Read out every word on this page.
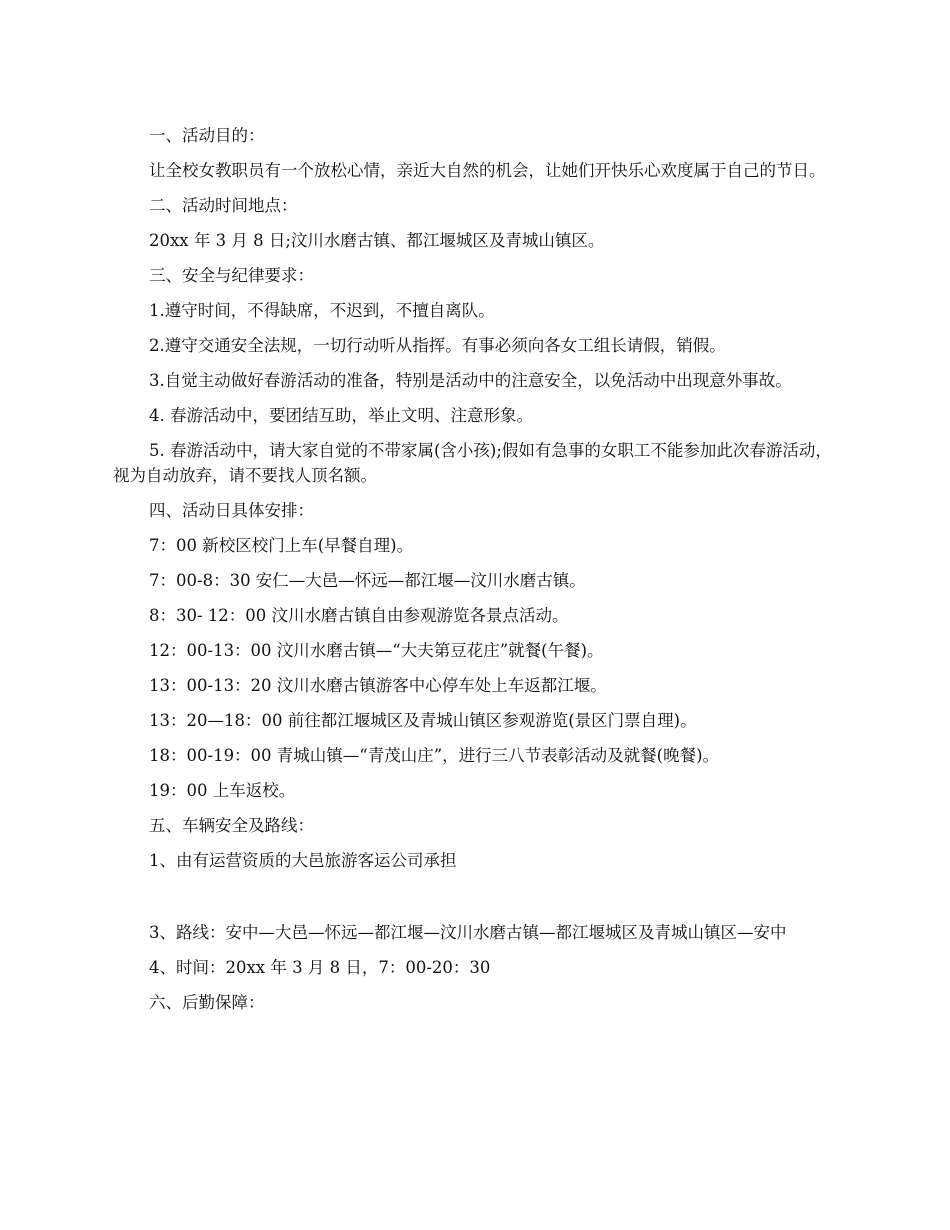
一、活动目的：

让全校女教职员有一个放松心情，亲近大自然的机会，让她们开快乐心欢度属于自己的节日。

二、活动时间地点：

20xx 年 3 月 8 日;汶川水磨古镇、都江堰城区及青城山镇区。

三、安全与纪律要求：

1.遵守时间，不得缺席，不迟到，不擅自离队。

2.遵守交通安全法规，一切行动听从指挥。有事必须向各女工组长请假，销假。

3.自觉主动做好春游活动的准备，特别是活动中的注意安全，以免活动中出现意外事故。

4. 春游活动中，要团结互助，举止文明、注意形象。

5. 春游活动中，请大家自觉的不带家属(含小孩);假如有急事的女职工不能参加此次春游活动，视为自动放弃，请不要找人顶名额。

四、活动日具体安排：

7：00 新校区校门上车(早餐自理)。

7：00-8：30 安仁—大邑—怀远—都江堰—汶川水磨古镇。

8：30- 12：00 汶川水磨古镇自由参观游览各景点活动。

12：00-13：00 汶川水磨古镇—“大夫第豆花庄”就餐(午餐)。

13：00-13：20 汶川水磨古镇游客中心停车处上车返都江堰。

13：20—18：00 前往都江堰城区及青城山镇区参观游览(景区门票自理)。

18：00-19：00 青城山镇—“青茂山庄”，进行三八节表彰活动及就餐(晚餐)。

19：00 上车返校。

五、车辆安全及路线：

1、由有运营资质的大邑旅游客运公司承担

3、路线：安中—大邑—怀远—都江堰—汶川水磨古镇—都江堰城区及青城山镇区—安中

4、时间：20xx 年 3 月 8 日，7：00-20：30

六、后勤保障：
